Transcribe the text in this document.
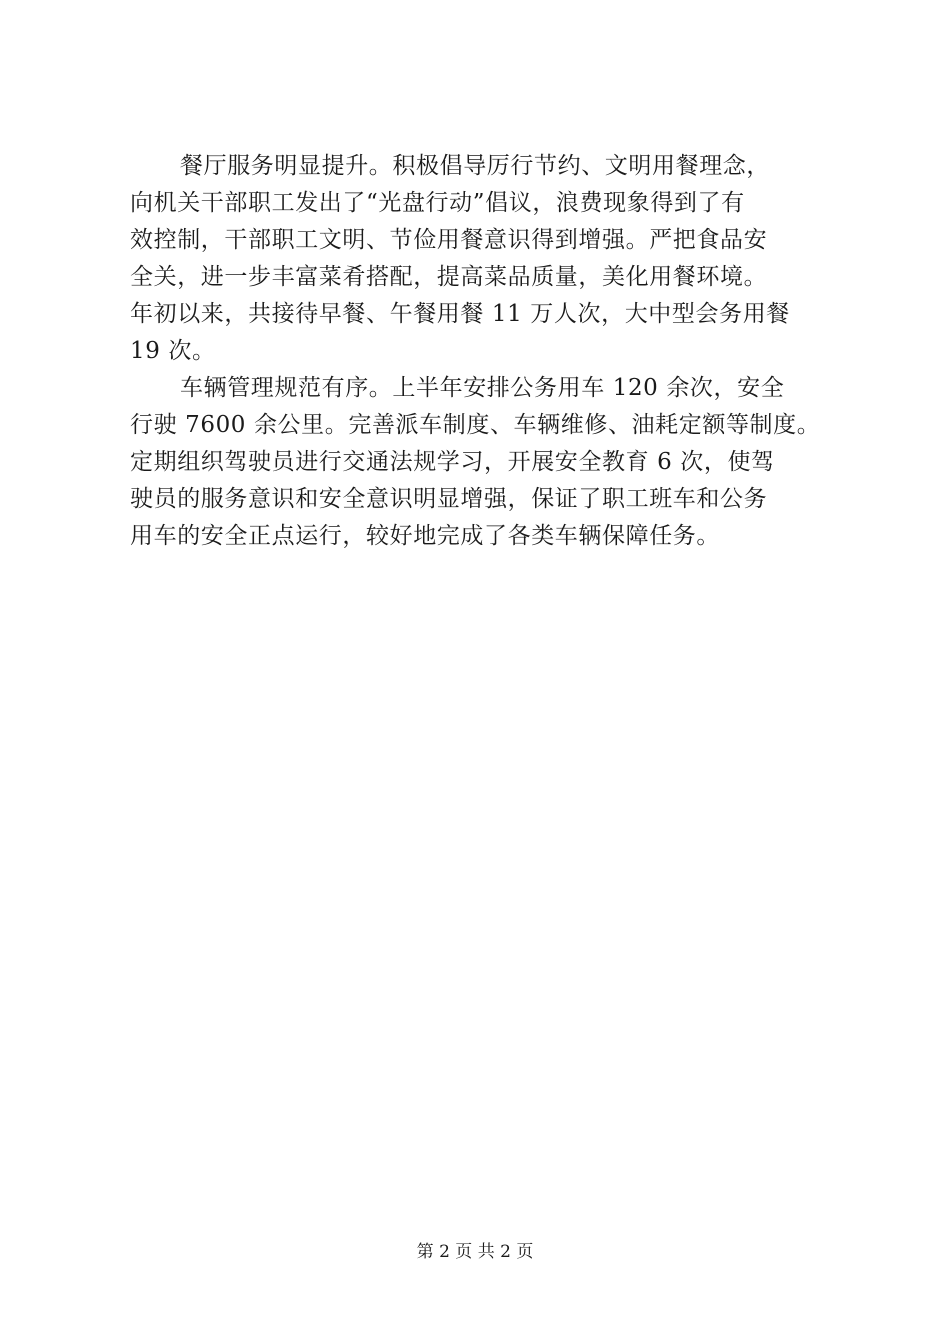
餐厅服务明显提升。积极倡导厉行节约、文明用餐理念，
向机关干部职工发出了“光盘行动”倡议，浪费现象得到了有
效控制，干部职工文明、节俭用餐意识得到增强。严把食品安
全关，进一步丰富菜肴搭配，提高菜品质量，美化用餐环境。
年初以来，共接待早餐、午餐用餐 11 万人次，大中型会务用餐
19 次。
车辆管理规范有序。上半年安排公务用车 120 余次，安全
行驶 7600 余公里。完善派车制度、车辆维修、油耗定额等制度。
定期组织驾驶员进行交通法规学习，开展安全教育 6 次，使驾
驶员的服务意识和安全意识明显增强，保证了职工班车和公务
用车的安全正点运行，较好地完成了各类车辆保障任务。
第 2 页 共 2 页
